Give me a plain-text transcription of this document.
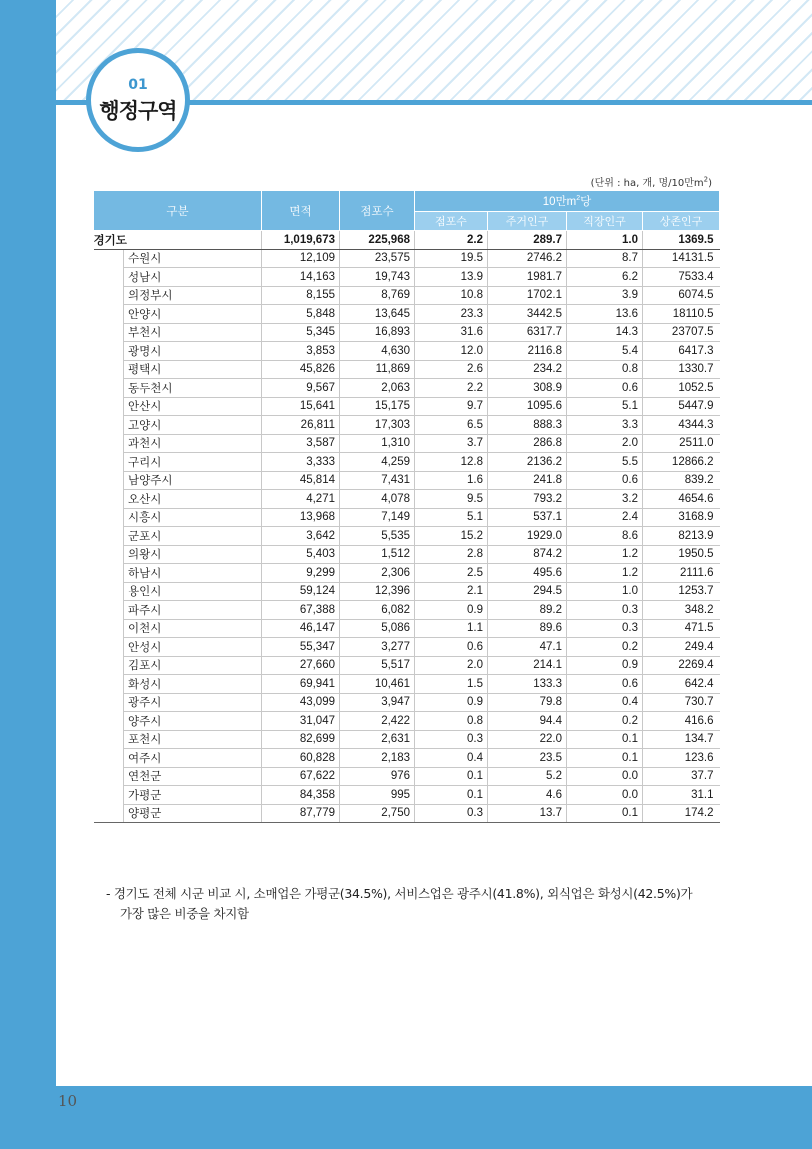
01
행정구역
(단위 : ha, 개, 명/10만$m^2$)
구분		면적	점포수	10만$m^2$당			
				점포수	주거인구	직장인구	상존인구
경기도		1,019,673	225,968	2.2	289.7	1.0	1369.5
	수원시	12,109	23,575	19.5	2746.2	8.7	14131.5
	성남시	14,163	19,743	13.9	1981.7	6.2	7533.4
	의정부시	8,155	8,769	10.8	1702.1	3.9	6074.5
	안양시	5,848	13,645	23.3	3442.5	13.6	18110.5
	부천시	5,345	16,893	31.6	6317.7	14.3	23707.5
	광명시	3,853	4,630	12.0	2116.8	5.4	6417.3
	평택시	45,826	11,869	2.6	234.2	0.8	1330.7
	동두천시	9,567	2,063	2.2	308.9	0.6	1052.5
	안산시	15,641	15,175	9.7	1095.6	5.1	5447.9
	고양시	26,811	17,303	6.5	888.3	3.3	4344.3
	과천시	3,587	1,310	3.7	286.8	2.0	2511.0
	구리시	3,333	4,259	12.8	2136.2	5.5	12866.2
	남양주시	45,814	7,431	1.6	241.8	0.6	839.2
	오산시	4,271	4,078	9.5	793.2	3.2	4654.6
	시흥시	13,968	7,149	5.1	537.1	2.4	3168.9
	군포시	3,642	5,535	15.2	1929.0	8.6	8213.9
	의왕시	5,403	1,512	2.8	874.2	1.2	1950.5
	하남시	9,299	2,306	2.5	495.6	1.2	2111.6
	용인시	59,124	12,396	2.1	294.5	1.0	1253.7
	파주시	67,388	6,082	0.9	89.2	0.3	348.2
	이천시	46,147	5,086	1.1	89.6	0.3	471.5
	안성시	55,347	3,277	0.6	47.1	0.2	249.4
	김포시	27,660	5,517	2.0	214.1	0.9	2269.4
	화성시	69,941	10,461	1.5	133.3	0.6	642.4
	광주시	43,099	3,947	0.9	79.8	0.4	730.7
	양주시	31,047	2,422	0.8	94.4	0.2	416.6
	포천시	82,699	2,631	0.3	22.0	0.1	134.7
	여주시	60,828	2,183	0.4	23.5	0.1	123.6
	연천군	67,622	976	0.1	5.2	0.0	37.7
	가평군	84,358	995	0.1	4.6	0.0	31.1
	양평군	87,779	2,750	0.3	13.7	0.1	174.2
- 경기도 전체 시군 비교 시, 소매업은 가평군(34.5%), 서비스업은 광주시(41.8%), 외식업은 화성시(42.5%)가
가장 많은 비중을 차지함
10
